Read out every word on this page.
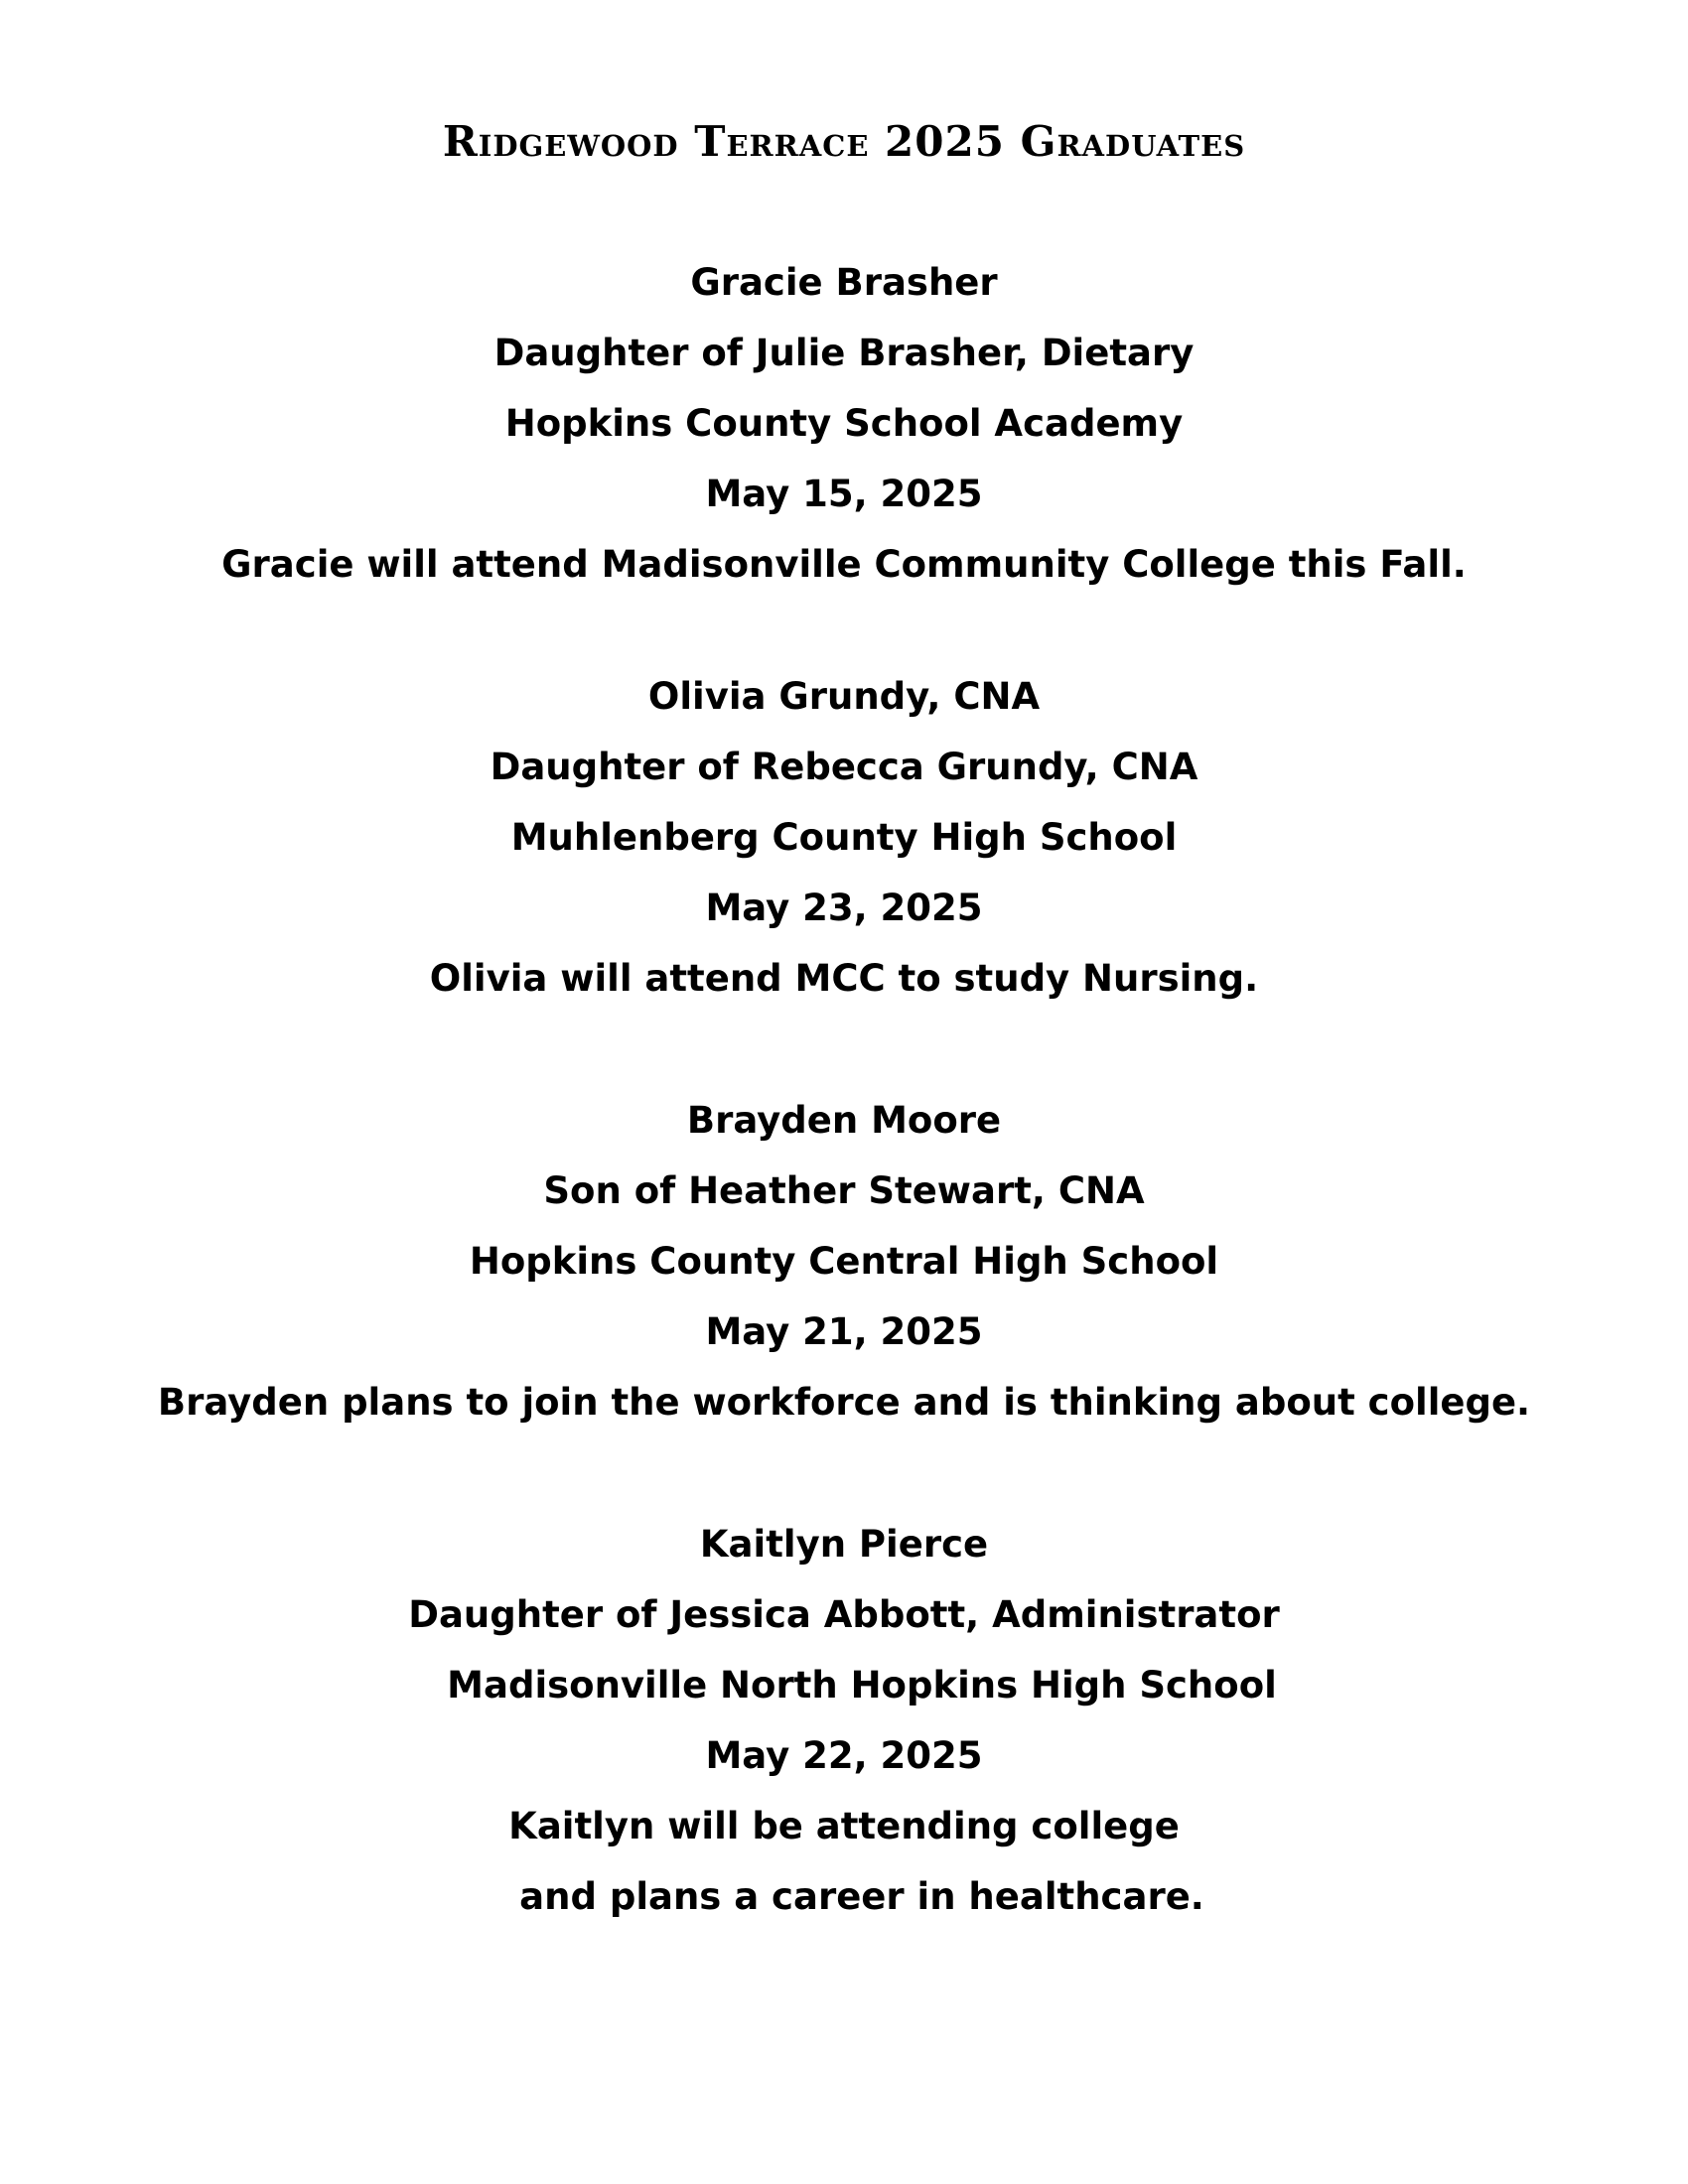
Ridgewood Terrace 2025 Graduates
Gracie Brasher
Daughter of Julie Brasher, Dietary
Hopkins County School Academy
May 15, 2025
Gracie will attend Madisonville Community College this Fall.
Olivia Grundy, CNA
Daughter of Rebecca Grundy, CNA
Muhlenberg County High School
May 23, 2025
Olivia will attend MCC to study Nursing.
Brayden Moore
Son of Heather Stewart, CNA
Hopkins County Central High School
May 21, 2025
Brayden plans to join the workforce and is thinking about college.
Kaitlyn Pierce
Daughter of Jessica Abbott, Administrator
Madisonville North Hopkins High School
May 22, 2025
Kaitlyn will be attending college
and plans a career in healthcare.
